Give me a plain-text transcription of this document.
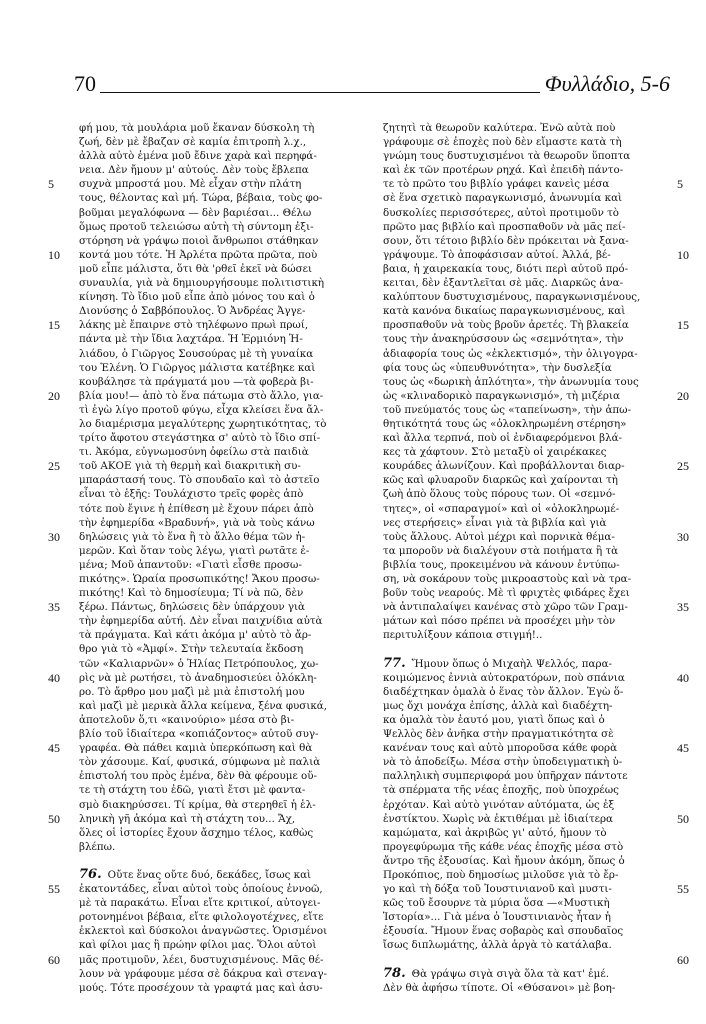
70	Φυλλάδιο, 5-6
5
10
15
20
25
30
35
40
45
50
55
60
5
10
15
20
25
30
35
40
45
50
55
60
φή μου, τὰ μουλάρια μοῦ ἔκαναν δύσκολη τὴ
ζωή, δὲν μὲ ἔβαζαν σὲ καμία ἐπιτροπὴ λ.χ.,
ἀλλὰ αὐτὸ ἐμένα μοῦ ἔδινε χαρὰ καὶ περηφά-
νεια. Δὲν ἤμουν μ' αὐτούς. Δὲν τοὺς ἔβλεπα
συχνὰ μπροστά μου. Μὲ εἶχαν στὴν πλάτη
τους, θέλοντας καὶ μή. Τώρα, βέβαια, τοὺς φο-
βοῦμαι μεγαλόφωνα — δὲν βαριέσαι... Θέλω
ὅμως προτοῦ τελειώσω αὐτὴ τὴ σύντομη ἐξι-
στόρηση νὰ γράψω ποιοὶ ἄνθρωποι στάθηκαν
κοντά μου τότε. Ἡ Ἀρλέτα πρῶτα πρῶτα, ποὺ
μοῦ εἶπε μάλιστα, ὅτι θὰ 'ρθεῖ ἐκεῖ νὰ δώσει
συναυλία, γιὰ νὰ δημιουργήσουμε πολιτιστικὴ
κίνηση. Τὸ ἴδιο μοῦ εἶπε ἀπὸ μόνος του καὶ ὁ
Διονύσης ὁ Σαββόπουλος. Ὁ Ἀνδρέας Ἀγγε-
λάκης μὲ ἔπαιρνε στὸ τηλέφωνο πρωὶ πρωί,
πάντα μὲ τὴν ἴδια λαχτάρα. Ἡ Ἑρμιόνη Ἠ-
λιάδου, ὁ Γιῶργος Σουσούρας μὲ τὴ γυναίκα
του Ἑλένη. Ὁ Γιῶργος μάλιστα κατέβηκε καὶ
κουβάλησε τὰ πράγματά μου —τὰ φοβερὰ βι-
βλία μου!— ἀπὸ τὸ ἕνα πάτωμα στὸ ἄλλο, για-
τὶ ἐγὼ λίγο προτοῦ φύγω, εἶχα κλείσει ἕνα ἄλ-
λο διαμέρισμα μεγαλύτερης χωρητικότητας, τὸ
τρίτο ἄφοτου στεγάστηκα σ' αὐτὸ τὸ ἴδιο σπί-
τι. Ἀκόμα, εὐγνωμοσύνη ὀφείλω στὰ παιδιὰ
τοῦ ΑΚΟΕ γιὰ τὴ θερμὴ καὶ διακριτικὴ συ-
μπαράστασή τους. Τὸ σπουδαῖο καὶ τὸ ἀστεῖο
εἶναι τὸ ἑξῆς: Τουλάχιστο τρεῖς φορὲς ἀπὸ
τότε ποὺ ἔγινε ἡ ἐπίθεση μὲ ἔχουν πάρει ἀπὸ
τὴν ἐφημερίδα «Βραδυνή», γιὰ νὰ τοὺς κάνω
δηλώσεις γιὰ τὸ ἕνα ἢ τὸ ἄλλο θέμα τῶν ἡ-
μερῶν. Καὶ ὅταν τοὺς λέγω, γιατὶ ρωτᾶτε ἐ-
μένα; Μοῦ ἀπαντοῦν: «Γιατὶ εἶσθε προσω-
πικότης». Ὡραία προσωπικότης! Ἄκου προσω-
πικότης! Καὶ τὸ δημοσίευμα; Τί νὰ πῶ, δὲν
ξέρω. Πάντως, δηλώσεις δὲν ὑπάρχουν γιὰ
τὴν ἐφημερίδα αὐτή. Δὲν εἶναι παιχνίδια αὐτὰ
τὰ πράγματα. Καὶ κάτι ἀκόμα μ' αὐτὸ τὸ ἄρ-
θρο γιὰ τὸ «Ἀμφί». Στὴν τελευταία ἔκδοση
τῶν «Καλιαρνῶν» ὁ Ἠλίας Πετρόπουλος, χω-
ρὶς νὰ μὲ ρωτήσει, τὸ ἀναδημοσιεύει ὁλόκλη-
ρο. Τὸ ἄρθρο μου μαζὶ μὲ μιὰ ἐπιστολή μου
καὶ μαζὶ μὲ μερικὰ ἄλλα κείμενα, ξένα φυσικά,
ἀποτελοῦν ὅ,τι «καινούριο» μέσα στὸ βι-
βλίο τοῦ ἰδιαίτερα «κοπιάζοντος» αὐτοῦ συγ-
γραφέα. Θὰ πάθει καμιὰ ὑπερκόπωση καὶ θὰ
τὸν χάσουμε. Καί, φυσικά, σύμφωνα μὲ παλιὰ
ἐπιστολή του πρὸς ἐμένα, δὲν θὰ φέρουμε οὔ-
τε τὴ στάχτη του ἐδῶ, γιατὶ ἔτσι μὲ φαντα-
σμὸ διακηρύσσει. Τί κρίμα, θὰ στερηθεῖ ἡ ἑλ-
ληνικὴ γῆ ἀκόμα καὶ τὴ στάχτη του... Ἄχ,
ὅλες οἱ ἱστορίες ἔχουν ἄσχημο τέλος, καθὼς
βλέπω.
76. Οὔτε ἕνας οὔτε δυό, δεκάδες, ἴσως καὶ
ἑκατοντάδες, εἶναι αὐτοὶ τοὺς ὁποίους ἐννοῶ,
μὲ τὰ παρακάτω. Εἶναι εἴτε κριτικοί, αὐτογει-
ροτονημένοι βέβαια, εἴτε φιλολογοτέχνες, εἴτε
ἐκλεκτοὶ καὶ δύσκολοι ἀναγνῶστες. Ὁρισμένοι
καὶ φίλοι μας ἢ πρώην φίλοι μας. Ὅλοι αὐτοὶ
μᾶς προτιμοῦν, λέει, δυστυχισμένους. Μᾶς θέ-
λουν νὰ γράφουμε μέσα σὲ δάκρυα καὶ στεναγ-
μούς. Τότε προσέχουν τὰ γραφτά μας καὶ ἀσυ-
ζητητὶ τὰ θεωροῦν καλύτερα. Ἐνῶ αὐτὰ ποὺ
γράφουμε σὲ ἐποχὲς ποὺ δὲν εἴμαστε κατὰ τὴ
γνώμη τους δυστυχισμένοι τὰ θεωροῦν ὕποπτα
καὶ ἐκ τῶν προτέρων ρηχά. Καὶ ἐπειδὴ πάντο-
τε τὸ πρῶτο του βιβλίο γράφει κανεὶς μέσα
σὲ ἕνα σχετικὸ παραγκωνισμό, ἀνωνυμία καὶ
δυσκολίες περισσότερες, αὐτοὶ προτιμοῦν τὸ
πρῶτο μας βιβλίο καὶ προσπαθοῦν νὰ μᾶς πεί-
σουν, ὅτι τέτοιο βιβλίο δὲν πρόκειται νὰ ξανα-
γράψουμε. Τὸ ἀποφάσισαν αὐτοί. Ἀλλά, βέ-
βαια, ἡ χαιρεκακία τους, διότι περὶ αὐτοῦ πρό-
κειται, δὲν ἐξαντλεῖται σὲ μᾶς. Διαρκῶς ἀνα-
καλύπτουν δυστυχισμένους, παραγκωνισμένους,
κατὰ κανόνα δικαίως παραγκωνισμένους, καὶ
προσπαθοῦν νὰ τοὺς βροῦν ἀρετές. Τὴ βλακεία
τους τὴν ἀνακηρύσσουν ὡς «σεμνότητα», τὴν
ἀδιαφορία τους ὡς «ἐκλεκτισμό», τὴν ὀλιγογρα-
φία τους ὡς «ὑπευθυνότητα», τὴν δυσλεξία
τους ὡς «δωρικὴ ἁπλότητα», τὴν ἀνωνυμία τους
ὡς «κλιναδορικὸ παραγκωνισμό», τὴ μιζέρια
τοῦ πνεύματός τους ὡς «ταπείνωση», τὴν ἀπω-
θητικότητά τους ὡς «ὁλοκληρωμένη στέρηση»
καὶ ἄλλα τερπνά, ποὺ οἱ ἐνδιαφερόμενοι βλά-
κες τὰ χάφτουν. Στὸ μεταξὺ οἱ χαιρέκακες
κουράδες ἀλωνίζουν. Καὶ προβάλλονται διαρ-
κῶς καὶ φλυαροῦν διαρκῶς καὶ χαίρονται τὴ
ζωὴ ἀπὸ ὅλους τοὺς πόρους των. Οἱ «σεμνό-
τητες», οἱ «σπαραγμοί» καὶ οἱ «ὁλοκληρωμέ-
νες στερήσεις» εἶναι γιὰ τὰ βιβλία καὶ γιὰ
τοὺς ἄλλους. Αὐτοὶ μέχρι καὶ πορνικὰ θέμα-
τα μποροῦν νὰ διαλέγουν στὰ ποιήματα ἢ τὰ
βιβλία τους, προκειμένου νὰ κάνουν ἐντύπω-
ση, νὰ σοκάρουν τοὺς μικροαστοὺς καὶ νὰ τρα-
βοῦν τοὺς νεαρούς. Μὲ τὶ φριχτὲς φιδάρες ἔχει
νὰ ἀντιπαλαίψει κανένας στὸ χῶρο τῶν Γραμ-
μάτων καὶ πόσο πρέπει νὰ προσέχει μὴν τὸν
περιτυλίξουν κάποια στιγμή!..
77. Ἤμουν ὅπως ὁ Μιχαὴλ Ψελλός, παρα-
κοιμώμενος ἐννιὰ αὐτοκρατόρων, ποὺ σπάνια
διαδέχτηκαν ὁμαλὰ ὁ ἕνας τὸν ἄλλον. Ἐγὼ ὅ-
μως ὄχι μονάχα ἐπίσης, ἀλλὰ καὶ διαδέχτη-
κα ὁμαλὰ τὸν ἑαυτό μου, γιατὶ ὅπως καὶ ὁ
Ψελλὸς δὲν ἀνῆκα στὴν πραγματικότητα σὲ
κανέναν τους καὶ αὐτὸ μποροῦσα κάθε φορὰ
νὰ τὸ ἀποδείξω. Μέσα στὴν ὑποδειγματικὴ ὑ-
παλληλικὴ συμπεριφορά μου ὑπῆρχαν πάντοτε
τὰ σπέρματα τῆς νέας ἐποχῆς, ποὺ ὑποχρέως
ἐρχόταν. Καὶ αὐτὸ γινόταν αὐτόματα, ὡς ἐξ
ἐνστίκτου. Χωρὶς νὰ ἐκτιθέμαι μὲ ἰδιαίτερα
καμώματα, καὶ ἀκριβῶς γι' αὐτό, ἤμουν τὸ
προγεφύρωμα τῆς κάθε νέας ἐποχῆς μέσα στὸ
ἄντρο τῆς ἐξουσίας. Καὶ ἤμουν ἀκόμη, ὅπως ὁ
Προκόπιος, ποὺ δημοσίως μιλοῦσε γιὰ τὸ ἔρ-
γο καὶ τὴ δόξα τοῦ Ἰουστινιανοῦ καὶ μυστι-
κῶς τοῦ ἔσουρνε τὰ μύρια ὅσα —«Μυστικὴ
Ἱστορία»... Γιὰ μένα ὁ Ἰουστινιανὸς ἦταν ἡ
ἐξουσία. Ἤμουν ἕνας σοβαρὸς καὶ σπουδαῖος
ἴσως διπλωμάτης, ἀλλὰ ἀργὰ τὸ κατάλαβα.
78. Θὰ γράψω σιγὰ σιγὰ ὅλα τὰ κατ' ἐμέ.
Δὲν θὰ ἀφήσω τίποτε. Οἱ «Θύσανοι» μὲ βοη-
